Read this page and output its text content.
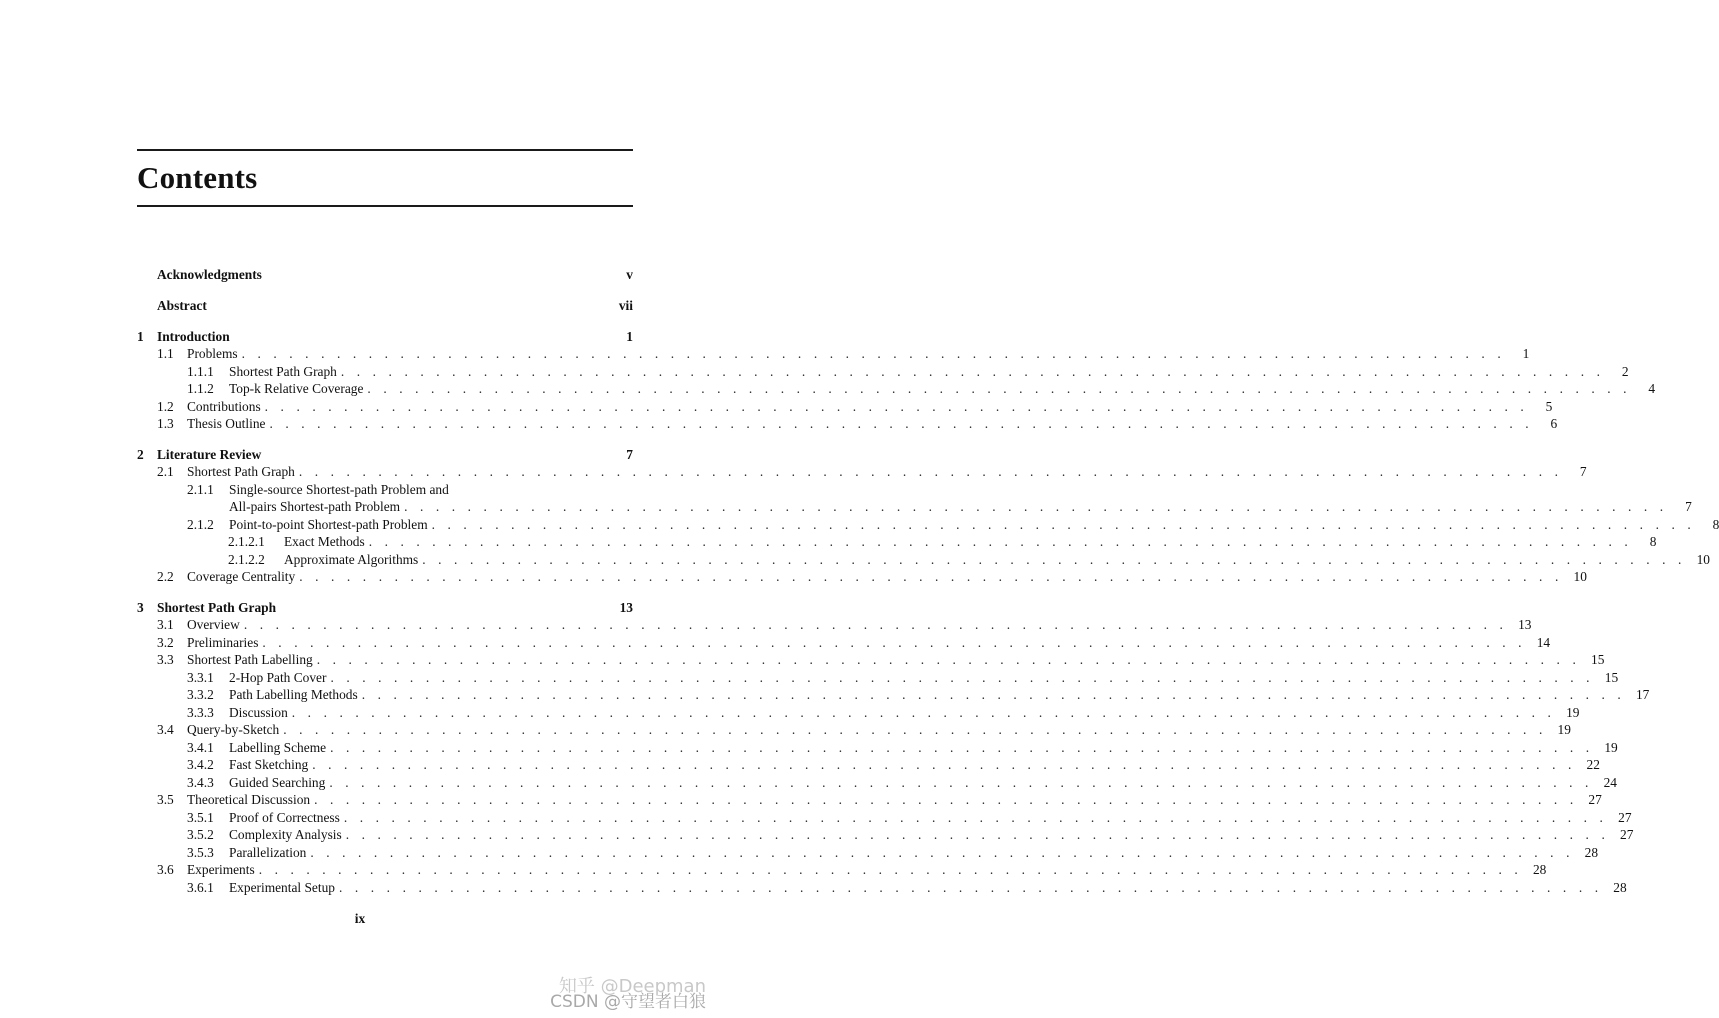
Contents
Acknowledgments	v
Abstract	vii
1 Introduction	1
1.1 Problems . . . . . . . . . . . . . . . . . . . . . . . . . . . . . . . . . . . . . . . . . . . . . . . . . . . . . . . . . . . . . . . . . . . . . . . . . . . . . . . .	1
1.1.1 Shortest Path Graph . . . . . . . . . . . . . . . . . . . . . . . . . . . . . . . . . . . . . . . . . . . . . . . . . . . . . . . . . . . . . . . . . . . . . . . . . . . . . . . .	2
1.1.2 Top-k Relative Coverage . . . . . . . . . . . . . . . . . . . . . . . . . . . . . . . . . . . . . . . . . . . . . . . . . . . . . . . . . . . . . . . . . . . . . . . . . . . . . . . .	4
1.2 Contributions . . . . . . . . . . . . . . . . . . . . . . . . . . . . . . . . . . . . . . . . . . . . . . . . . . . . . . . . . . . . . . . . . . . . . . . . . . . . . . . .	5
1.3 Thesis Outline . . . . . . . . . . . . . . . . . . . . . . . . . . . . . . . . . . . . . . . . . . . . . . . . . . . . . . . . . . . . . . . . . . . . . . . . . . . . . . . .	6
2 Literature Review	7
2.1 Shortest Path Graph . . . . . . . . . . . . . . . . . . . . . . . . . . . . . . . . . . . . . . . . . . . . . . . . . . . . . . . . . . . . . . . . . . . . . . . . . . . . . . . .	7
2.1.1 Single-source Shortest-path Problem and
All-pairs Shortest-path Problem . . . . . . . . . . . . . . . . . . . . . . . . . . . . . . . . . . . . . . . . . . . . . . . . . . . . . . . . . . . . . . . . . . . . . . . . . . . . . . . .	7
2.1.2 Point-to-point Shortest-path Problem . . . . . . . . . . . . . . . . . . . . . . . . . . . . . . . . . . . . . . . . . . . . . . . . . . . . . . . . . . . . . . . . . . . . . . . . . . . . . . . .	8
2.1.2.1 Exact Methods . . . . . . . . . . . . . . . . . . . . . . . . . . . . . . . . . . . . . . . . . . . . . . . . . . . . . . . . . . . . . . . . . . . . . . . . . . . . . . . .	8
2.1.2.2 Approximate Algorithms . . . . . . . . . . . . . . . . . . . . . . . . . . . . . . . . . . . . . . . . . . . . . . . . . . . . . . . . . . . . . . . . . . . . . . . . . . . . . . . . 10
2.2 Coverage Centrality . . . . . . . . . . . . . . . . . . . . . . . . . . . . . . . . . . . . . . . . . . . . . . . . . . . . . . . . . . . . . . . . . . . . . . . . . . . . . . . . 10
3 Shortest Path Graph	13
3.1 Overview . . . . . . . . . . . . . . . . . . . . . . . . . . . . . . . . . . . . . . . . . . . . . . . . . . . . . . . . . . . . . . . . . . . . . . . . . . . . . . . . 13
3.2 Preliminaries . . . . . . . . . . . . . . . . . . . . . . . . . . . . . . . . . . . . . . . . . . . . . . . . . . . . . . . . . . . . . . . . . . . . . . . . . . . . . . . . 14
3.3 Shortest Path Labelling . . . . . . . . . . . . . . . . . . . . . . . . . . . . . . . . . . . . . . . . . . . . . . . . . . . . . . . . . . . . . . . . . . . . . . . . . . . . . . . . 15
3.3.1 2-Hop Path Cover . . . . . . . . . . . . . . . . . . . . . . . . . . . . . . . . . . . . . . . . . . . . . . . . . . . . . . . . . . . . . . . . . . . . . . . . . . . . . . . . 15
3.3.2 Path Labelling Methods . . . . . . . . . . . . . . . . . . . . . . . . . . . . . . . . . . . . . . . . . . . . . . . . . . . . . . . . . . . . . . . . . . . . . . . . . . . . . . . . 17
3.3.3 Discussion . . . . . . . . . . . . . . . . . . . . . . . . . . . . . . . . . . . . . . . . . . . . . . . . . . . . . . . . . . . . . . . . . . . . . . . . . . . . . . . . 19
3.4 Query-by-Sketch . . . . . . . . . . . . . . . . . . . . . . . . . . . . . . . . . . . . . . . . . . . . . . . . . . . . . . . . . . . . . . . . . . . . . . . . . . . . . . . . 19
3.4.1 Labelling Scheme . . . . . . . . . . . . . . . . . . . . . . . . . . . . . . . . . . . . . . . . . . . . . . . . . . . . . . . . . . . . . . . . . . . . . . . . . . . . . . . . 19
3.4.2 Fast Sketching . . . . . . . . . . . . . . . . . . . . . . . . . . . . . . . . . . . . . . . . . . . . . . . . . . . . . . . . . . . . . . . . . . . . . . . . . . . . . . . . 22
3.4.3 Guided Searching . . . . . . . . . . . . . . . . . . . . . . . . . . . . . . . . . . . . . . . . . . . . . . . . . . . . . . . . . . . . . . . . . . . . . . . . . . . . . . . . 24
3.5 Theoretical Discussion . . . . . . . . . . . . . . . . . . . . . . . . . . . . . . . . . . . . . . . . . . . . . . . . . . . . . . . . . . . . . . . . . . . . . . . . . . . . . . . . 27
3.5.1 Proof of Correctness . . . . . . . . . . . . . . . . . . . . . . . . . . . . . . . . . . . . . . . . . . . . . . . . . . . . . . . . . . . . . . . . . . . . . . . . . . . . . . . . 27
3.5.2 Complexity Analysis . . . . . . . . . . . . . . . . . . . . . . . . . . . . . . . . . . . . . . . . . . . . . . . . . . . . . . . . . . . . . . . . . . . . . . . . . . . . . . . . 27
3.5.3 Parallelization . . . . . . . . . . . . . . . . . . . . . . . . . . . . . . . . . . . . . . . . . . . . . . . . . . . . . . . . . . . . . . . . . . . . . . . . . . . . . . . . 28
3.6 Experiments . . . . . . . . . . . . . . . . . . . . . . . . . . . . . . . . . . . . . . . . . . . . . . . . . . . . . . . . . . . . . . . . . . . . . . . . . . . . . . . . 28
3.6.1 Experimental Setup . . . . . . . . . . . . . . . . . . . . . . . . . . . . . . . . . . . . . . . . . . . . . . . . . . . . . . . . . . . . . . . . . . . . . . . . . . . . . . . . 28
ix
知乎 @Deepman
CSDN @守望者白狼
